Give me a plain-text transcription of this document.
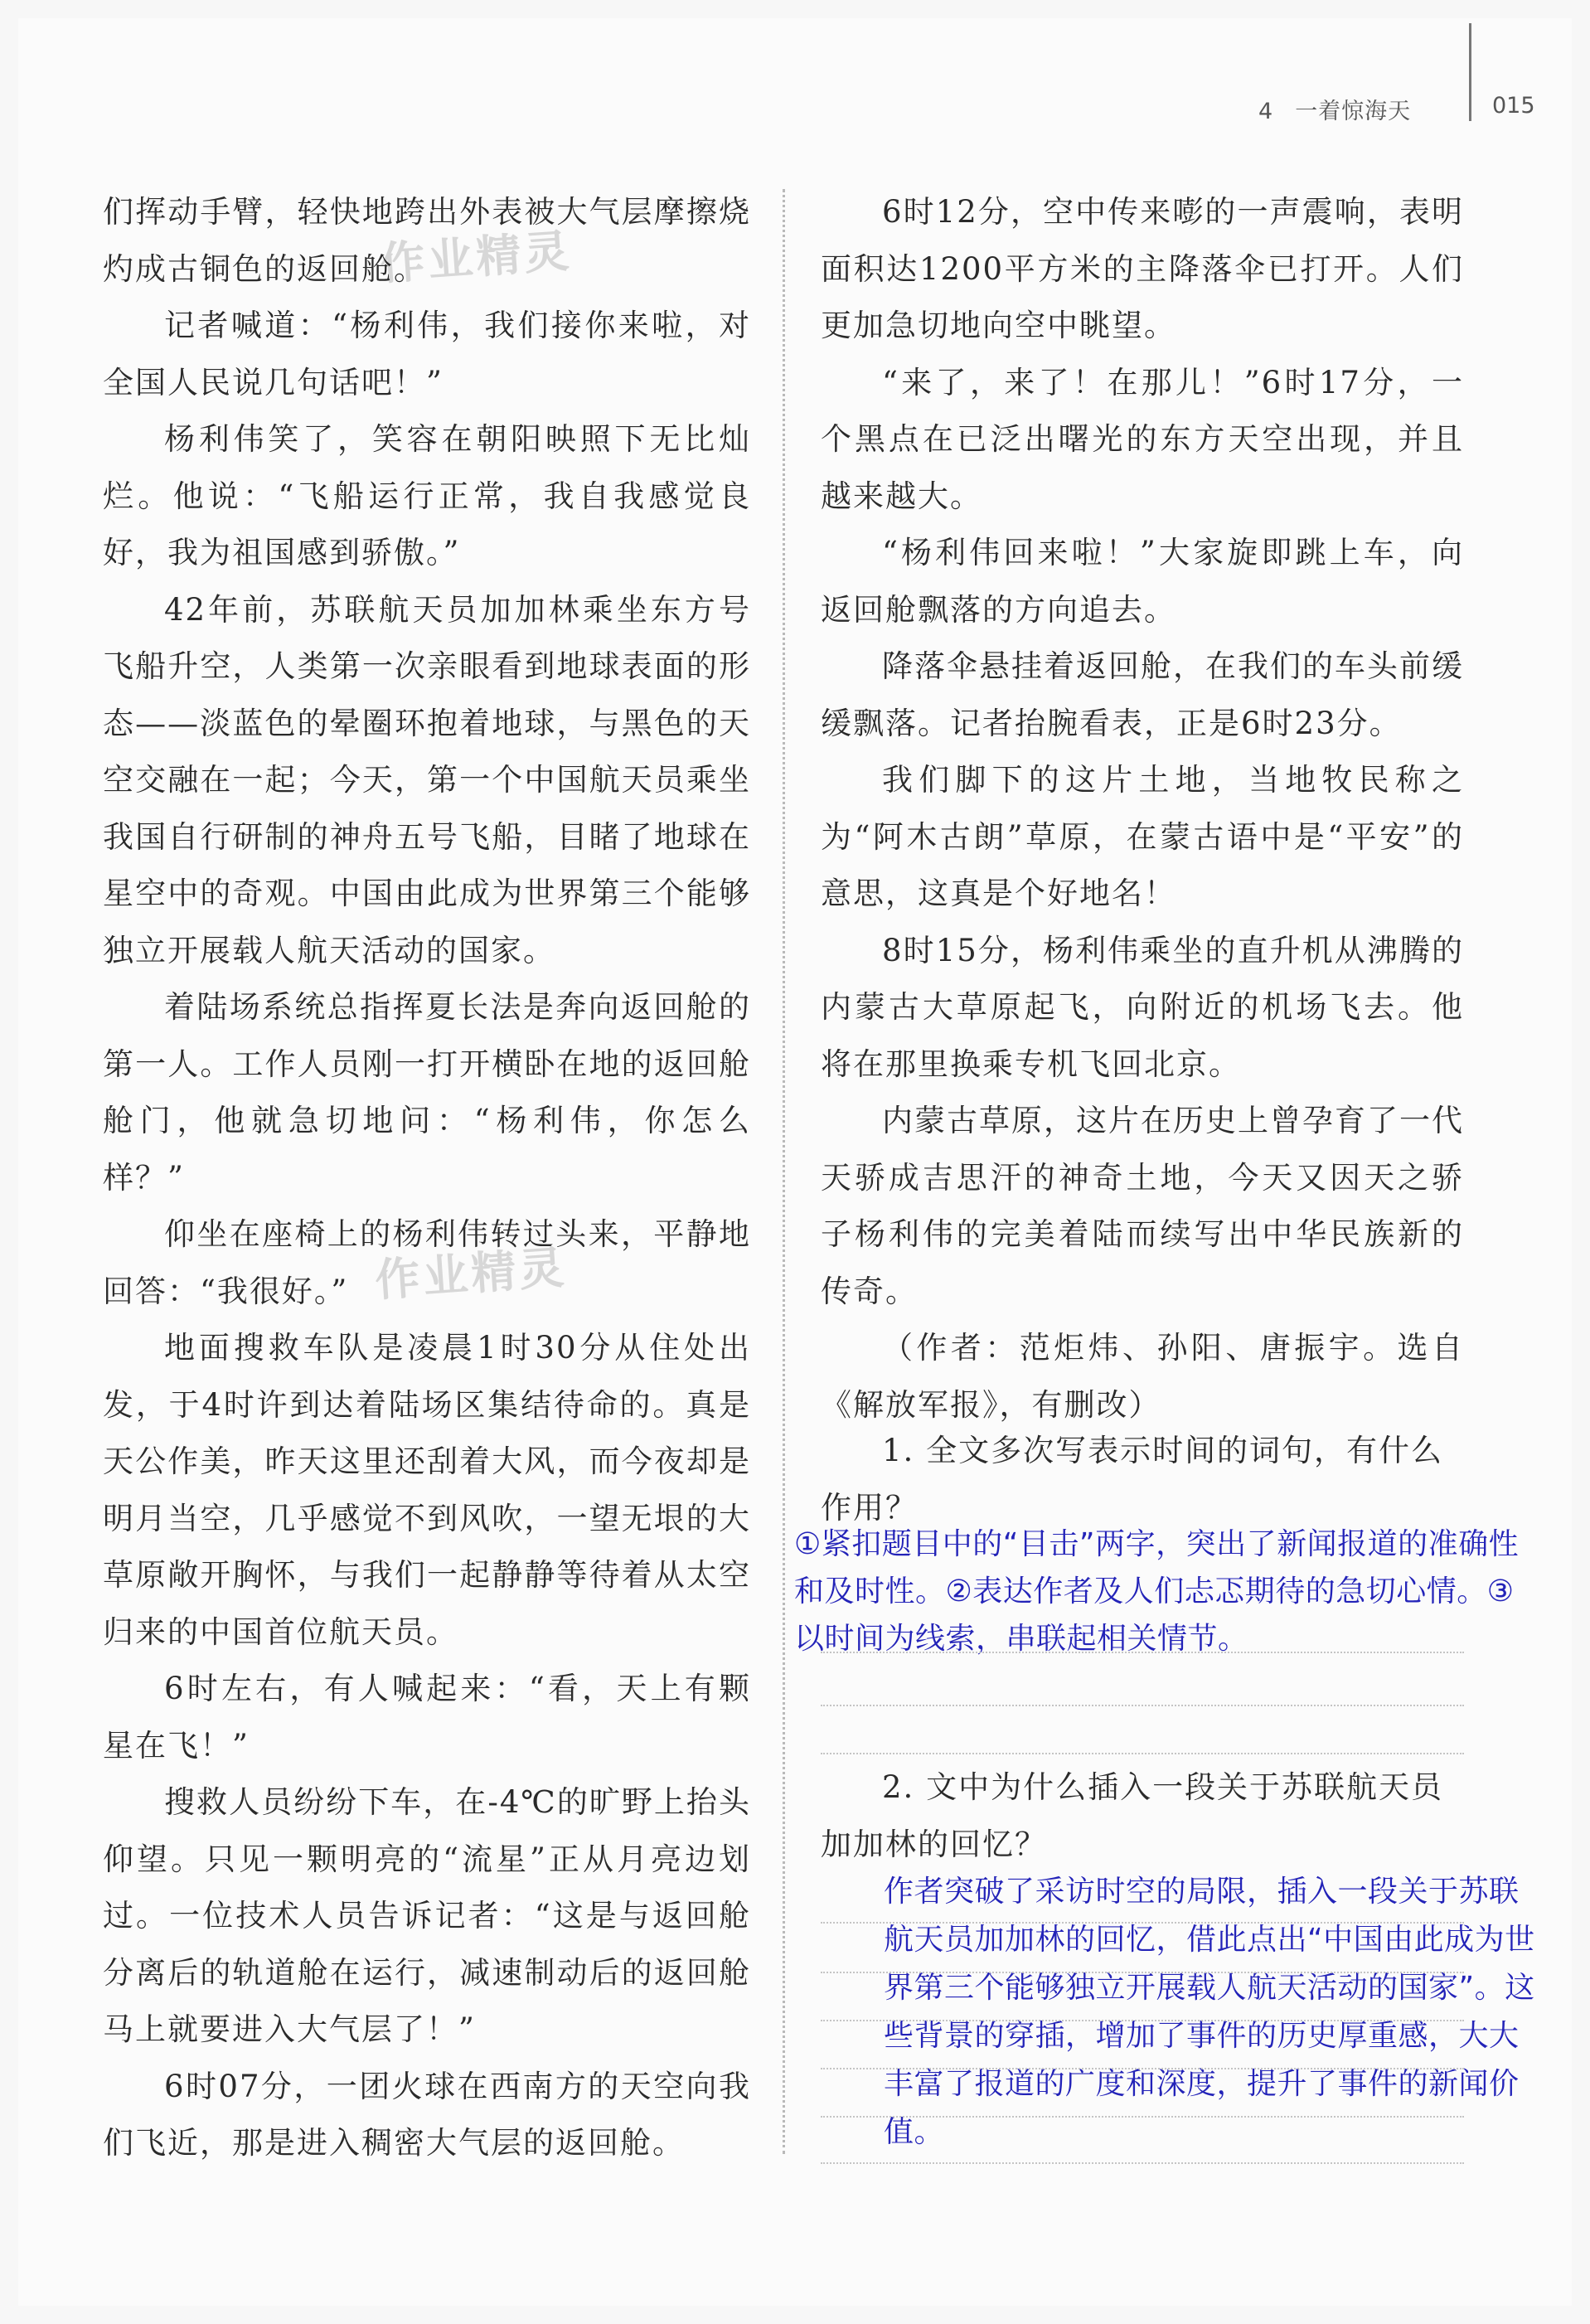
4 一着惊海天	015
作业精灵
作业精灵

们挥动手臂，轻快地跨出外表被大气层摩擦烧灼成古铜色的返回舱。

记者喊道：“杨利伟，我们接你来啦，对全国人民说几句话吧！”

杨利伟笑了，笑容在朝阳映照下无比灿烂。他说：“飞船运行正常，我自我感觉良好，我为祖国感到骄傲。”

42年前，苏联航天员加加林乘坐东方号飞船升空，人类第一次亲眼看到地球表面的形态——淡蓝色的晕圈环抱着地球，与黑色的天空交融在一起；今天，第一个中国航天员乘坐我国自行研制的神舟五号飞船，目睹了地球在星空中的奇观。中国由此成为世界第三个能够独立开展载人航天活动的国家。

着陆场系统总指挥夏长法是奔向返回舱的第一人。工作人员刚一打开横卧在地的返回舱舱门，他就急切地问：“杨利伟，你怎么样？”

仰坐在座椅上的杨利伟转过头来，平静地回答：“我很好。”

地面搜救车队是凌晨1时30分从住处出发，于4时许到达着陆场区集结待命的。真是天公作美，昨天这里还刮着大风，而今夜却是明月当空，几乎感觉不到风吹，一望无垠的大草原敞开胸怀，与我们一起静静等待着从太空归来的中国首位航天员。

6时左右，有人喊起来：“看，天上有颗星在飞！”

搜救人员纷纷下车，在-4℃的旷野上抬头仰望。只见一颗明亮的“流星”正从月亮边划过。一位技术人员告诉记者：“这是与返回舱分离后的轨道舱在运行，减速制动后的返回舱马上就要进入大气层了！”

6时07分，一团火球在西南方的天空向我们飞近，那是进入稠密大气层的返回舱。

6时12分，空中传来嘭的一声震响，表明面积达1200平方米的主降落伞已打开。人们更加急切地向空中眺望。

“来了，来了！在那儿！”6时17分，一个黑点在已泛出曙光的东方天空出现，并且越来越大。

“杨利伟回来啦！”大家旋即跳上车，向返回舱飘落的方向追去。

降落伞悬挂着返回舱，在我们的车头前缓缓飘落。记者抬腕看表，正是6时23分。

我们脚下的这片土地，当地牧民称之为“阿木古朗”草原，在蒙古语中是“平安”的意思，这真是个好地名！

8时15分，杨利伟乘坐的直升机从沸腾的内蒙古大草原起飞，向附近的机场飞去。他将在那里换乘专机飞回北京。

内蒙古草原，这片在历史上曾孕育了一代天骄成吉思汗的神奇土地，今天又因天之骄子杨利伟的完美着陆而续写出中华民族新的传奇。

（作者：范炬炜、孙阳、唐振宇。选自《解放军报》，有删改）

1. 全文多次写表示时间的词句，有什么作用？
①紧扣题目中的“目击”两字，突出了新闻报道的准确性和及时性。②表达作者及人们忐忑期待的急切心情。③以时间为线索，串联起相关情节。
2. 文中为什么插入一段关于苏联航天员加加林的回忆？
作者突破了采访时空的局限，插入一段关于苏联航天员加加林的回忆，借此点出“中国由此成为世界第三个能够独立开展载人航天活动的国家”。这些背景的穿插，增加了事件的历史厚重感，大大丰富了报道的广度和深度，提升了事件的新闻价值。
